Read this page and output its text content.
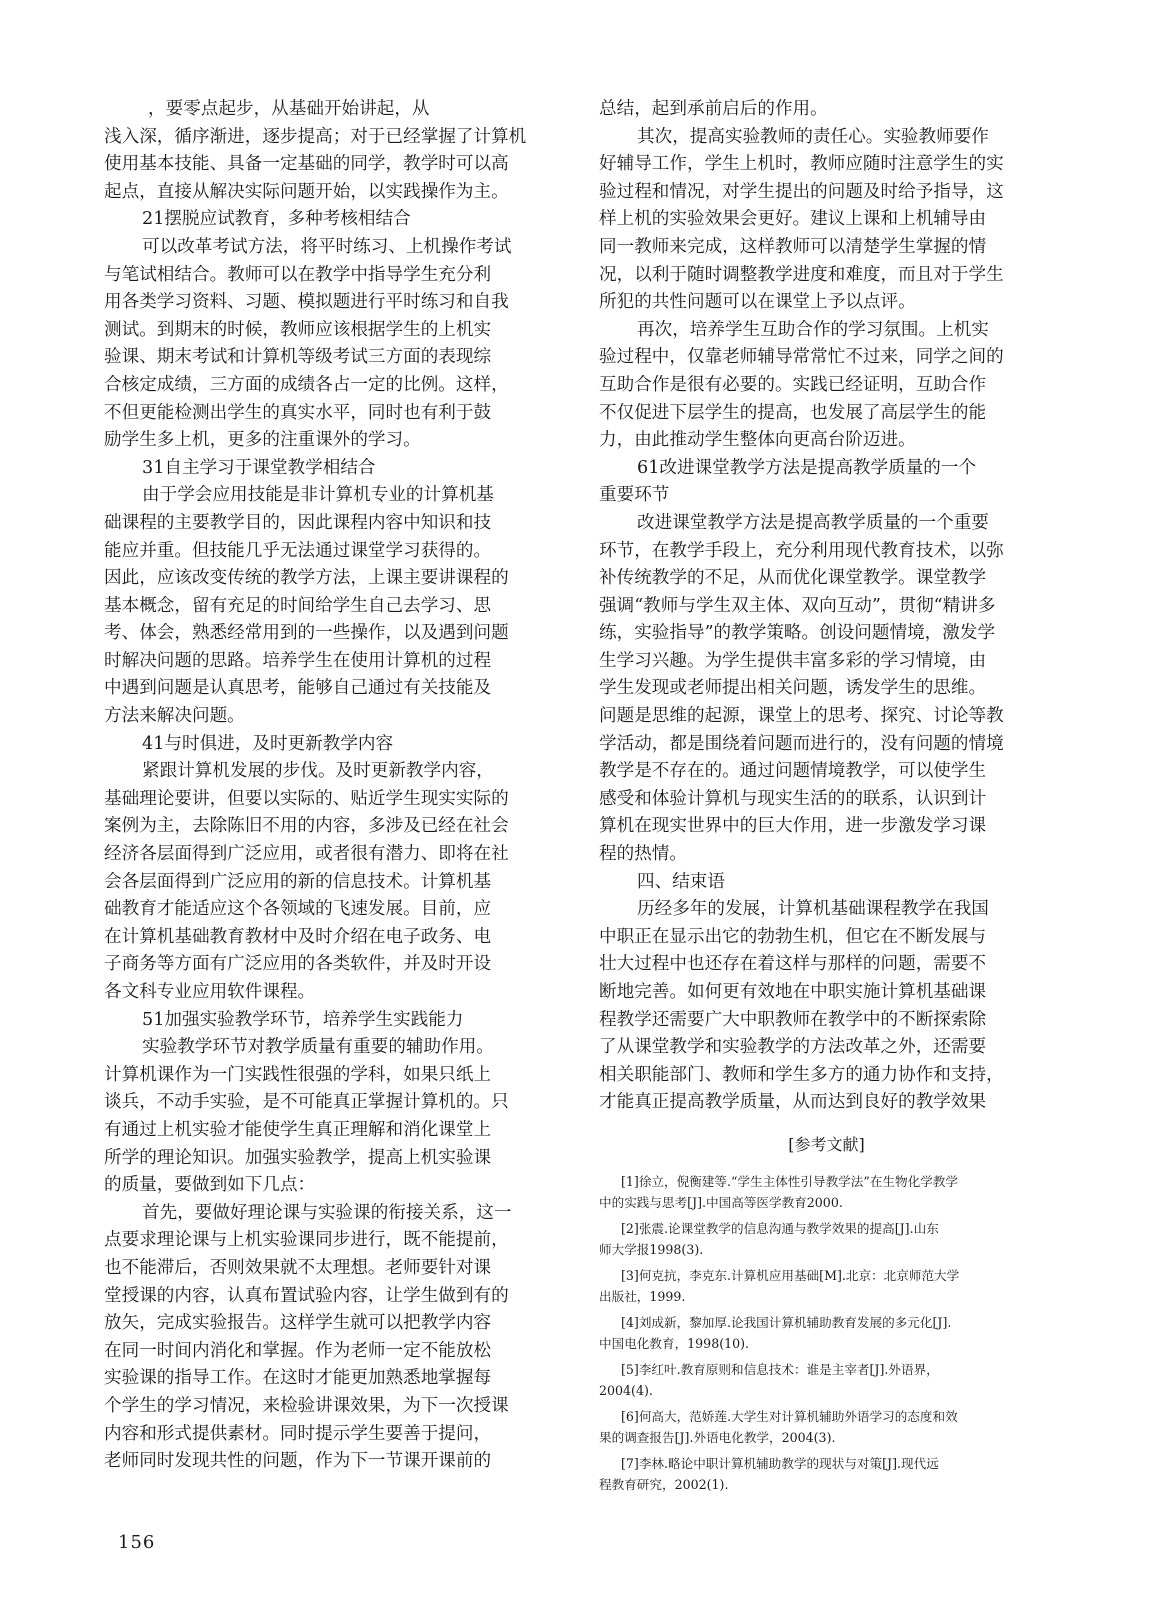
，要零点起步，从基础开始讲起，从
浅入深，循序渐进，逐步提高；对于已经掌握了计算机
使用基本技能、具备一定基础的同学，教学时可以高
起点，直接从解决实际问题开始，以实践操作为主。
21摆脱应试教育，多种考核相结合
可以改革考试方法，将平时练习、上机操作考试
与笔试相结合。教师可以在教学中指导学生充分利
用各类学习资料、习题、模拟题进行平时练习和自我
测试。到期末的时候，教师应该根据学生的上机实
验课、期末考试和计算机等级考试三方面的表现综
合核定成绩，三方面的成绩各占一定的比例。这样，
不但更能检测出学生的真实水平，同时也有利于鼓
励学生多上机，更多的注重课外的学习。
31自主学习于课堂教学相结合
由于学会应用技能是非计算机专业的计算机基
础课程的主要教学目的，因此课程内容中知识和技
能应并重。但技能几乎无法通过课堂学习获得的。
因此，应该改变传统的教学方法，上课主要讲课程的
基本概念，留有充足的时间给学生自己去学习、思
考、体会，熟悉经常用到的一些操作，以及遇到问题
时解决问题的思路。培养学生在使用计算机的过程
中遇到问题是认真思考，能够自己通过有关技能及
方法来解决问题。
41与时俱进，及时更新教学内容
紧跟计算机发展的步伐。及时更新教学内容，
基础理论要讲，但要以实际的、贴近学生现实实际的
案例为主，去除陈旧不用的内容，多涉及已经在社会
经济各层面得到广泛应用，或者很有潜力、即将在社
会各层面得到广泛应用的新的信息技术。计算机基
础教育才能适应这个各领域的飞速发展。目前，应
在计算机基础教育教材中及时介绍在电子政务、电
子商务等方面有广泛应用的各类软件，并及时开设
各文科专业应用软件课程。
51加强实验教学环节，培养学生实践能力
实验教学环节对教学质量有重要的辅助作用。
计算机课作为一门实践性很强的学科，如果只纸上
谈兵，不动手实验，是不可能真正掌握计算机的。只
有通过上机实验才能使学生真正理解和消化课堂上
所学的理论知识。加强实验教学，提高上机实验课
的质量，要做到如下几点：
首先，要做好理论课与实验课的衔接关系，这一
点要求理论课与上机实验课同步进行，既不能提前，
也不能滞后，否则效果就不太理想。老师要针对课
堂授课的内容，认真布置试验内容，让学生做到有的
放矢，完成实验报告。这样学生就可以把教学内容
在同一时间内消化和掌握。作为老师一定不能放松
实验课的指导工作。在这时才能更加熟悉地掌握每
个学生的学习情况，来检验讲课效果，为下一次授课
内容和形式提供素材。同时提示学生要善于提问，
老师同时发现共性的问题，作为下一节课开课前的
总结，起到承前启后的作用。
其次，提高实验教师的责任心。实验教师要作
好辅导工作，学生上机时，教师应随时注意学生的实
验过程和情况，对学生提出的问题及时给予指导，这
样上机的实验效果会更好。建议上课和上机辅导由
同一教师来完成，这样教师可以清楚学生掌握的情
况，以利于随时调整教学进度和难度，而且对于学生
所犯的共性问题可以在课堂上予以点评。
再次，培养学生互助合作的学习氛围。上机实
验过程中，仅靠老师辅导常常忙不过来，同学之间的
互助合作是很有必要的。实践已经证明，互助合作
不仅促进下层学生的提高，也发展了高层学生的能
力，由此推动学生整体向更高台阶迈进。
61改进课堂教学方法是提高教学质量的一个
重要环节
改进课堂教学方法是提高教学质量的一个重要
环节，在教学手段上，充分利用现代教育技术，以弥
补传统教学的不足，从而优化课堂教学。课堂教学
强调“教师与学生双主体、双向互动”，贯彻“精讲多
练，实验指导”的教学策略。创设问题情境，激发学
生学习兴趣。为学生提供丰富多彩的学习情境，由
学生发现或老师提出相关问题，诱发学生的思维。
问题是思维的起源，课堂上的思考、探究、讨论等教
学活动，都是围绕着问题而进行的，没有问题的情境
教学是不存在的。通过问题情境教学，可以使学生
感受和体验计算机与现实生活的的联系，认识到计
算机在现实世界中的巨大作用，进一步激发学习课
程的热情。
四、结束语
历经多年的发展，计算机基础课程教学在我国
中职正在显示出它的勃勃生机，但它在不断发展与
壮大过程中也还存在着这样与那样的问题，需要不
断地完善。如何更有效地在中职实施计算机基础课
程教学还需要广大中职教师在教学中的不断探索除
了从课堂教学和实验教学的方法改革之外，还需要
相关职能部门、教师和学生多方的通力协作和支持，
才能真正提高教学质量，从而达到良好的教学效果
[参考文献]
[1]徐立，倪衡建等.“学生主体性引导教学法”在生物化学教学
中的实践与思考[J].中国高等医学教育2000.
[2]张震.论课堂教学的信息沟通与教学效果的提高[J].山东
师大学报1998(3).
[3]何克抗，李克东.计算机应用基础[M].北京：北京师范大学
出版社，1999.
[4]刘成新，黎加厚.论我国计算机辅助教育发展的多元化[J].
中国电化教育，1998(10).
[5]李红叶.教育原则和信息技术：谁是主宰者[J].外语界，
2004(4).
[6]何高大，范娇莲.大学生对计算机辅助外语学习的态度和效
果的调查报告[J].外语电化教学，2004(3).
[7]李林.略论中职计算机辅助教学的现状与对策[J].现代远
程教育研究，2002(1).
156
